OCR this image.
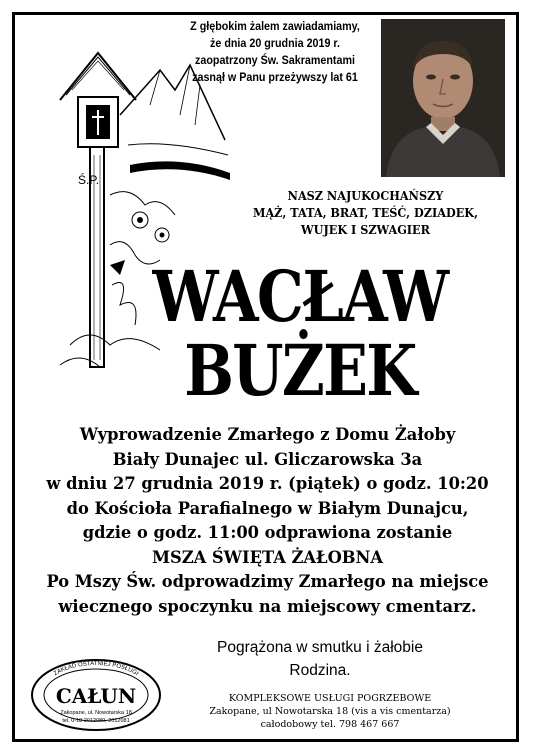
Z głębokim żalem zawiadamiamy,
że dnia 20 grudnia 2019 r.
zaopatrzony Św. Sakramentami
zasnął w Panu przeżywszy lat 61
Ś.P.
NASZ NAJUKOCHAŃSZY
MĄŻ, TATA, BRAT, TEŚĆ, DZIADEK,
WUJEK I SZWAGIER
WACŁAW
BUŻEK
Wyprowadzenie Zmarłego z Domu Żałoby
Biały Dunajec ul. Gliczarowska 3a
w dniu 27 grudnia 2019 r. (piątek) o godz. 10:20
do Kościoła Parafialnego w Białym Dunajcu,
gdzie o godz. 11:00 odprawiona zostanie
MSZA ŚWIĘTA ŻAŁOBNA
Po Mszy Św. odprowadzimy Zmarłego na miejsce
wiecznego spoczynku na miejscowy cmentarz.
Pogrążona w smutku i żałobie
Rodzina.
ZAKŁAD OSTATNIEJ POSŁUGI
CAŁUN
Zakopane, ul. Nowotarska 18
tel. 0-18 2012080, 2012081
KOMPLEKSOWE USŁUGI POGRZEBOWE
Zakopane, ul Nowotarska 18 (vis a vis cmentarza)
całodobowy tel. 798 467 667
